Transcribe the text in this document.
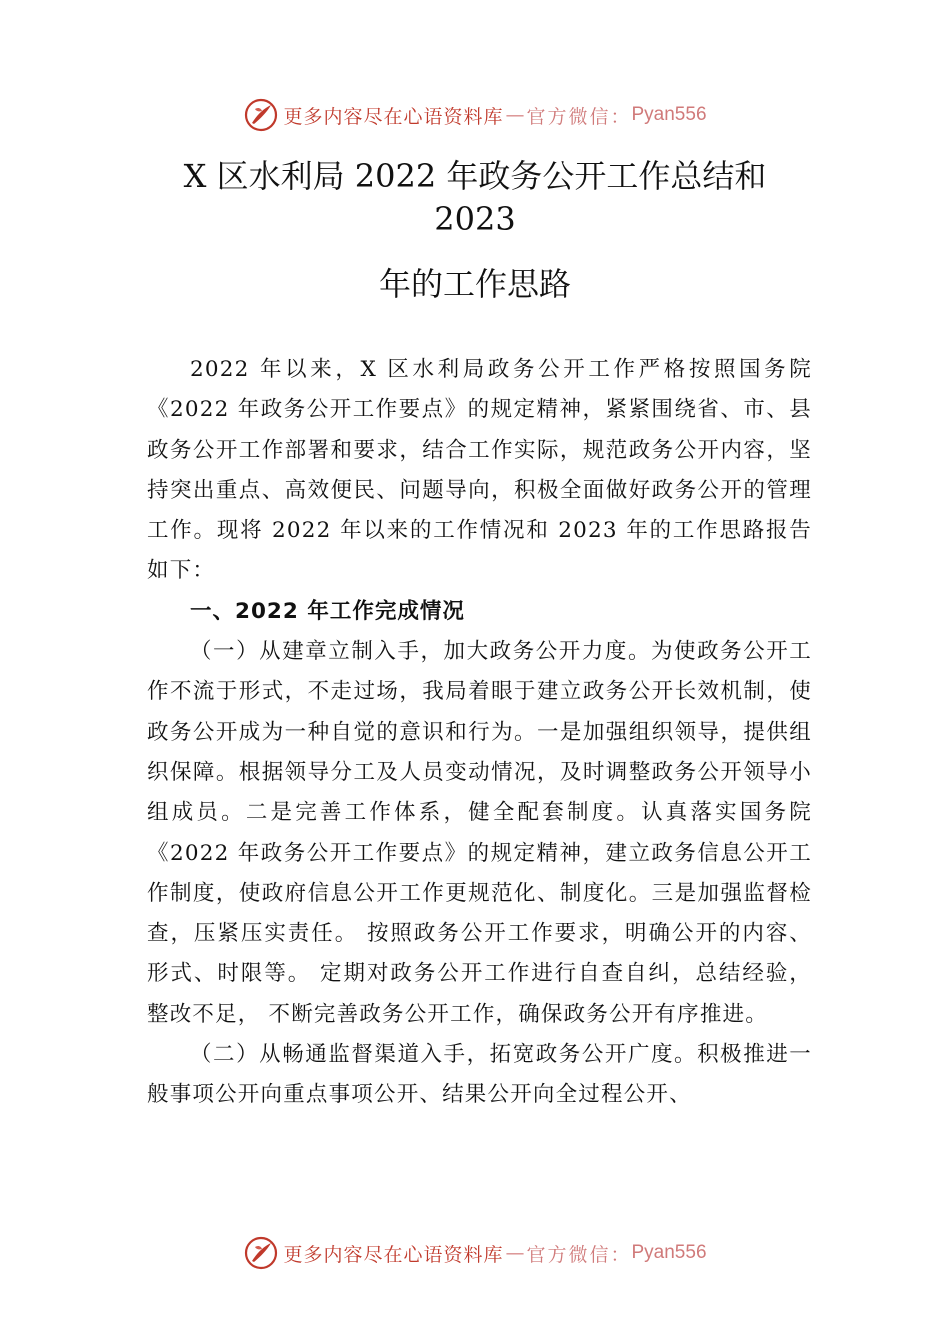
更多内容尽在心语资料库 — 官方微信： Pyan556
X 区水利局 2022 年政务公开工作总结和
2023
年的工作思路

2022 年以来，X 区水利局政务公开工作严格按照国务院《2022 年政务公开工作要点》的规定精神，紧紧围绕省、市、县政务公开工作部署和要求，结合工作实际，规范政务公开内容，坚持突出重点、高效便民、问题导向，积极全面做好政务公开的管理工作。现将 2022 年以来的工作情况和 2023 年的工作思路报告如下：

一、2022 年工作完成情况

（一）从建章立制入手，加大政务公开力度。为使政务公开工作不流于形式，不走过场，我局着眼于建立政务公开长效机制，使政务公开成为一种自觉的意识和行为。一是加强组织领导，提供组织保障。根据领导分工及人员变动情况，及时调整政务公开领导小组成员。二是完善工作体系，健全配套制度。认真落实国务院《2022 年政务公开工作要点》的规定精神，建立政务信息公开工作制度，使政府信息公开工作更规范化、制度化。三是加强监督检查，压紧压实责任。 按照政务公开工作要求，明确公开的内容、形式、时限等。 定期对政务公开工作进行自查自纠，总结经验，整改不足， 不断完善政务公开工作，确保政务公开有序推进。

（二）从畅通监督渠道入手，拓宽政务公开广度。积极推进一般事项公开向重点事项公开、结果公开向全过程公开、

更多内容尽在心语资料库 — 官方微信： Pyan556
